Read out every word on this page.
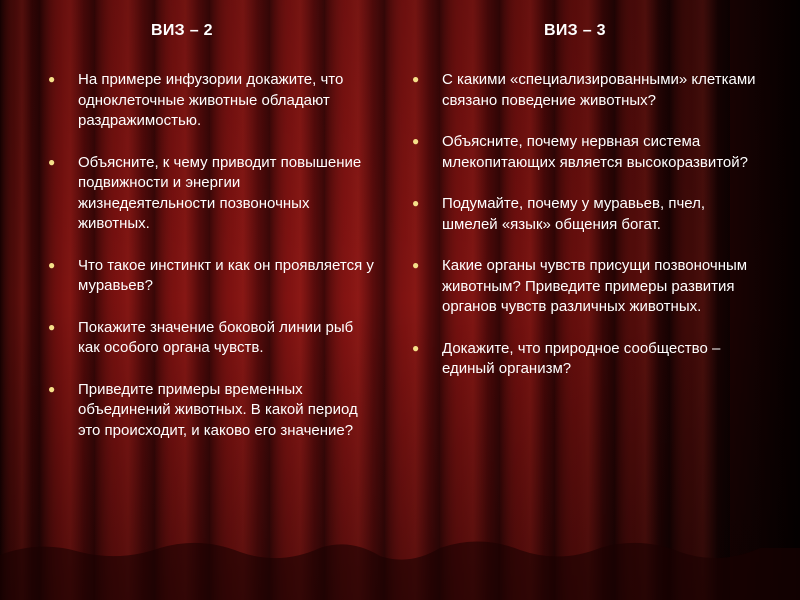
ВИЗ – 2
● На примере инфузории докажите, что одноклеточные животные обладают раздражимостью.
● Объясните, к чему приводит повышение подвижности и энергии жизнедеятельности позвоночных животных.
● Что такое инстинкт и как он проявляется у муравьев?
● Покажите значение боковой линии рыб как особого органа чувств.
● Приведите примеры временных объединений животных. В какой период это происходит, и каково его значение?
ВИЗ – 3
● С какими «специализированными» клетками связано поведение животных?
● Объясните, почему нервная система млекопитающих является высокоразвитой?
● Подумайте, почему у муравьев, пчел, шмелей «язык» общения богат.
● Какие органы чувств присущи позвоночным животным? Приведите примеры развития органов чувств различных животных.
● Докажите, что природное сообщество – единый организм?
